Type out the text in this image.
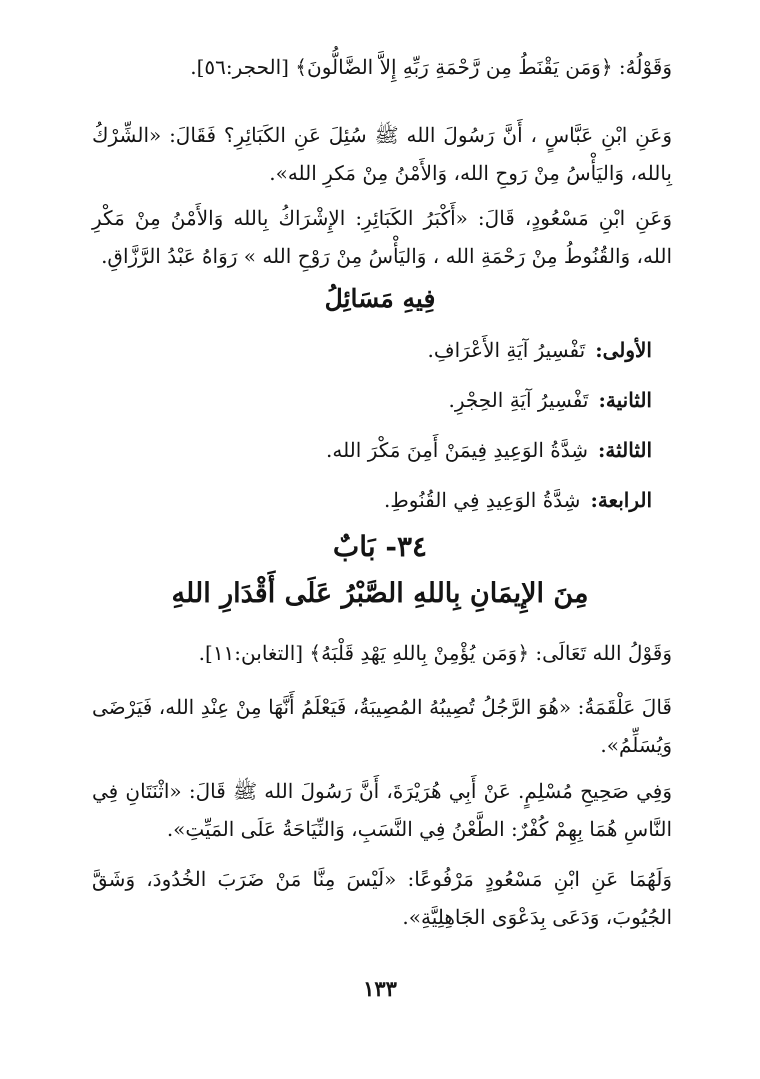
وَقَوْلُهُ: ﴿وَمَن يَقْنَطُ مِن رَّحْمَةِ رَبِّهِ إِلاَّ الضَّالُّونَ﴾ [الحجر:٥٦].
وَعَنِ ابْنِ عَبَّاسٍ ، أَنَّ رَسُولَ الله ﷺ سُئِلَ عَنِ الكَبَائِرِ؟ فَقَالَ: «الشِّرْكُ بِالله، وَاليَأْسُ مِنْ رَوحِ الله، وَالأَمْنُ مِنْ مَكرِ الله».
وَعَنِ ابْنِ مَسْعُودٍ، قَالَ: «أَكْبَرُ الكَبَائِرِ: الإِشْرَاكُ بِالله وَالأَمْنُ مِنْ مَكْرِ الله، وَالقُنُوطُ مِنْ رَحْمَةِ الله ، وَاليَأْسُ مِنْ رَوْحِ الله » رَوَاهُ عَبْدُ الرَّزَّاقِ.
فِيهِ مَسَائِلُ
الأولى:تَفْسِيرُ آيَةِ الأَعْرَافِ.
الثانية:تَفْسِيرُ آيَةِ الحِجْرِ.
الثالثة:شِدَّةُ الوَعِيدِ فِيمَنْ أَمِنَ مَكْرَ الله.
الرابعة:شِدَّةُ الوَعِيدِ فِي القُنُوطِ.
٣٤- بَابٌ
مِنَ الإِيمَانِ بِاللهِ الصَّبْرُ عَلَى أَقْدَارِ اللهِ
وَقَوْلُ الله تَعَالَى: ﴿وَمَن يُؤْمِنْ بِاللهِ يَهْدِ قَلْبَهُ﴾ [التغابن:١١].
قَالَ عَلْقَمَةُ: «هُوَ الرَّجُلُ تُصِيبُهُ المُصِيبَةُ، فَيَعْلَمُ أَنَّهَا مِنْ عِنْدِ الله، فَيَرْضَى وَيُسَلِّمُ».
وَفِي صَحِيحِ مُسْلِمٍ. عَنْ أَبِي هُرَيْرَةَ، أَنَّ رَسُولَ الله ﷺ قَالَ: «اثْنَتَانِ فِي النَّاسِ هُمَا بِهِمْ كُفْرٌ: الطَّعْنُ فِي النَّسَبِ، وَالنِّيَاحَةُ عَلَى المَيِّتِ».
وَلَهُمَا عَنِ ابْنِ مَسْعُودٍ مَرْفُوعًا: «لَيْسَ مِنَّا مَنْ ضَرَبَ الخُدُودَ، وَشَقَّ الجُيُوبَ، وَدَعَى بِدَعْوَى الجَاهِلِيَّةِ».
١٣٣
